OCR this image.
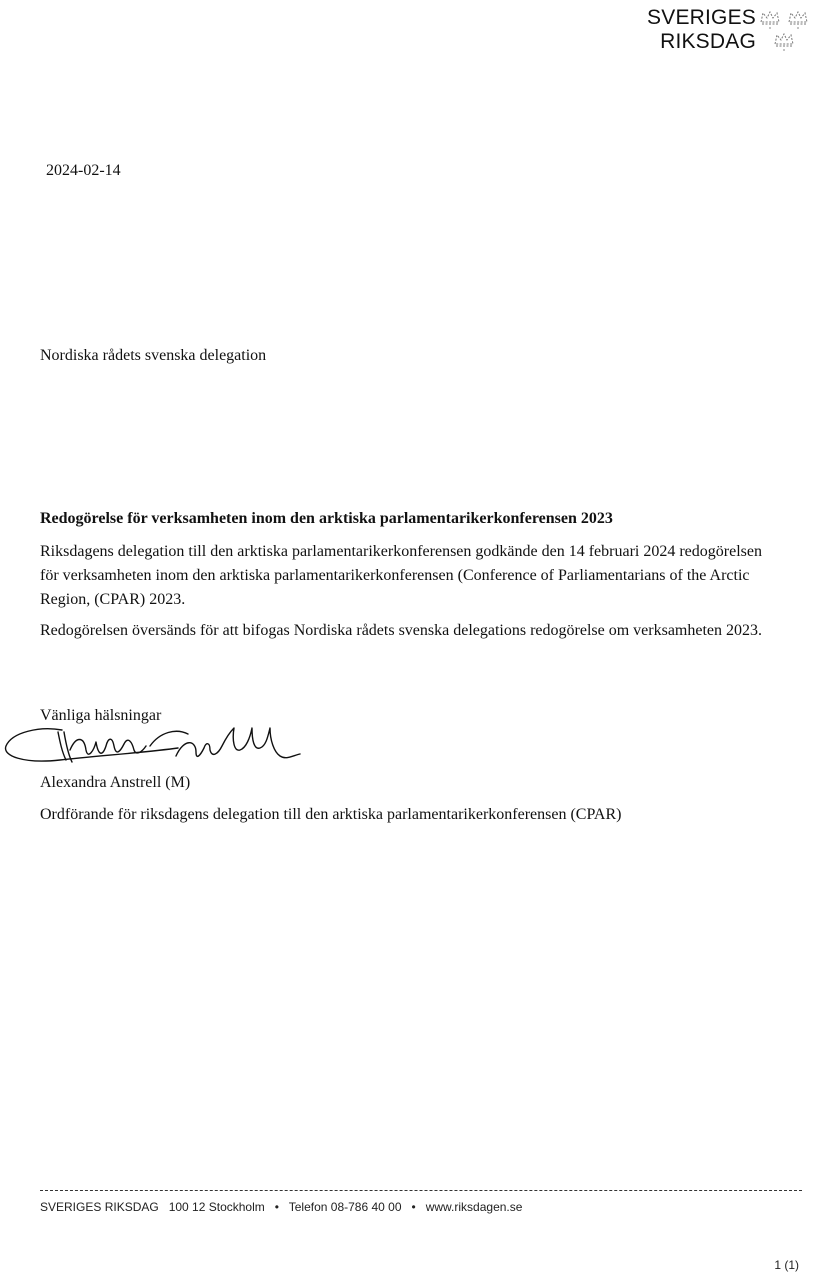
SVERIGES
RIKSDAG
2024-02-14
Nordiska rådets svenska delegation
Redogörelse för verksamheten inom den arktiska parlamentarikerkonferensen 2023

Riksdagens delegation till den arktiska parlamentarikerkonferensen godkände den 14 februari 2024 redogörelsen för verksamheten inom den arktiska parlamentarikerkonferensen (Conference of Parliamentarians of the Arctic Region, (CPAR) 2023.

Redogörelsen översänds för att bifogas Nordiska rådets svenska delegations redogörelse om verksamheten 2023.

Vänliga hälsningar
Alexandra Anstrell (M)
Ordförande för riksdagens delegation till den arktiska parlamentarikerkonferensen (CPAR)
SVERIGES RIKSDAG   100 12 Stockholm   •   Telefon 08-786 40 00   •   www.riksdagen.se
1 (1)
